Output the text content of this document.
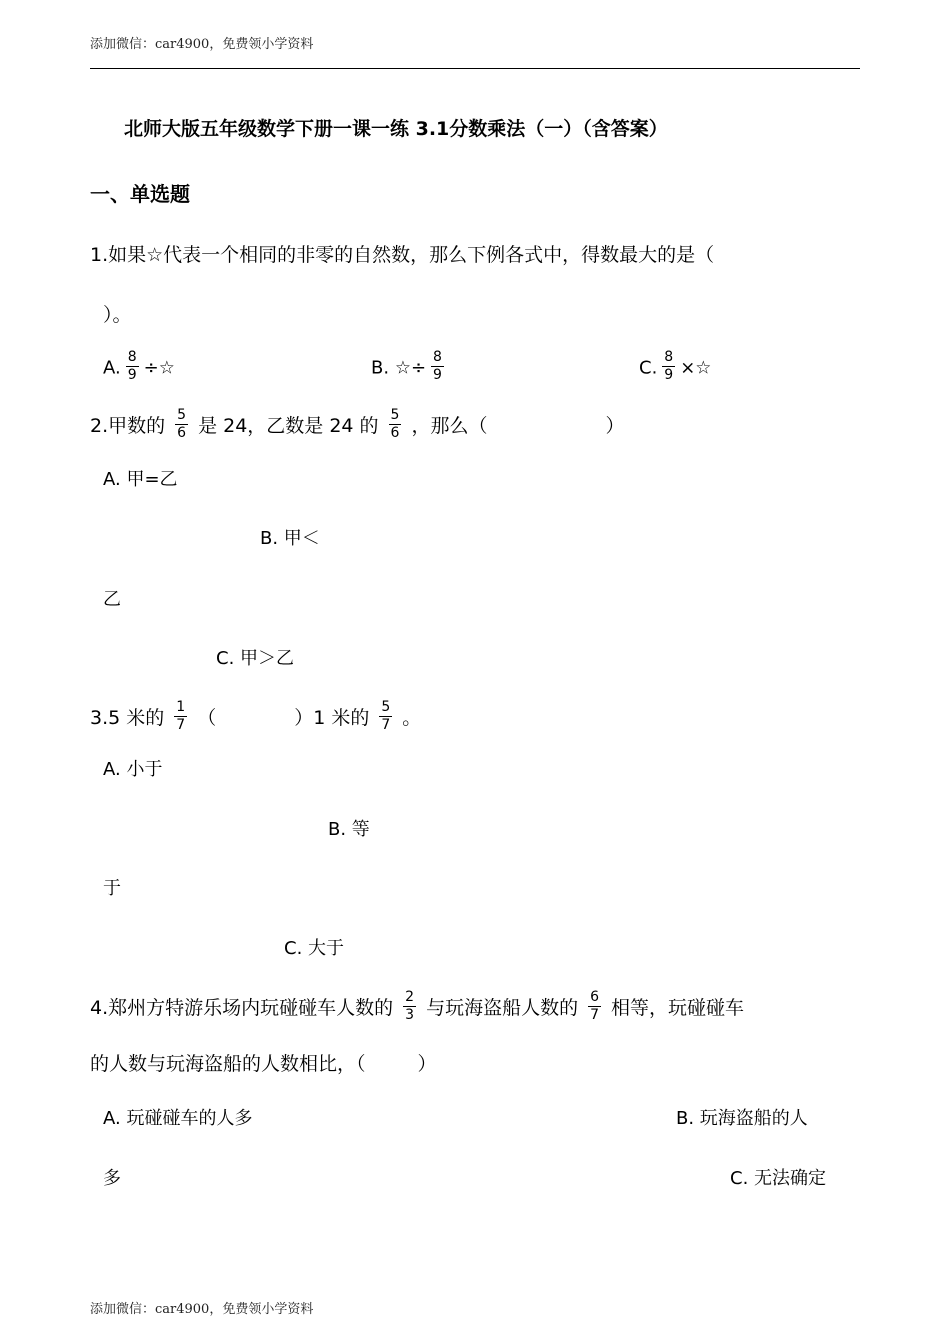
添加微信：car4900，免费领小学资料
北师大版五年级数学下册一课一练 3.1分数乘法（一）（含答案）
一、单选题
1.如果☆代表一个相同的非零的自然数，那么下例各式中，得数最大的是（
）。
A. $\frac{8}{9}$ ÷☆	B. ☆÷ $\frac{8}{9}$	C. $\frac{8}{9}$ ×☆
2.甲数的 $\frac{5}{6}$ 是 24，乙数是 24 的 $\frac{5}{6}$ ，那么（	）
A. 甲=乙
B. 甲＜
乙
C. 甲＞乙
3.5 米的 $\frac{1}{7}$ （	）1 米的 $\frac{5}{7}$ 。
A. 小于
B. 等
于
C. 大于
4.郑州方特游乐场内玩碰碰车人数的 $\frac{2}{3}$ 与玩海盗船人数的 $\frac{6}{7}$ 相等，玩碰碰车
的人数与玩海盗船的人数相比，（	）
A. 玩碰碰车的人多	B. 玩海盗船的人
多	C. 无法确定
添加微信：car4900，免费领小学资料
